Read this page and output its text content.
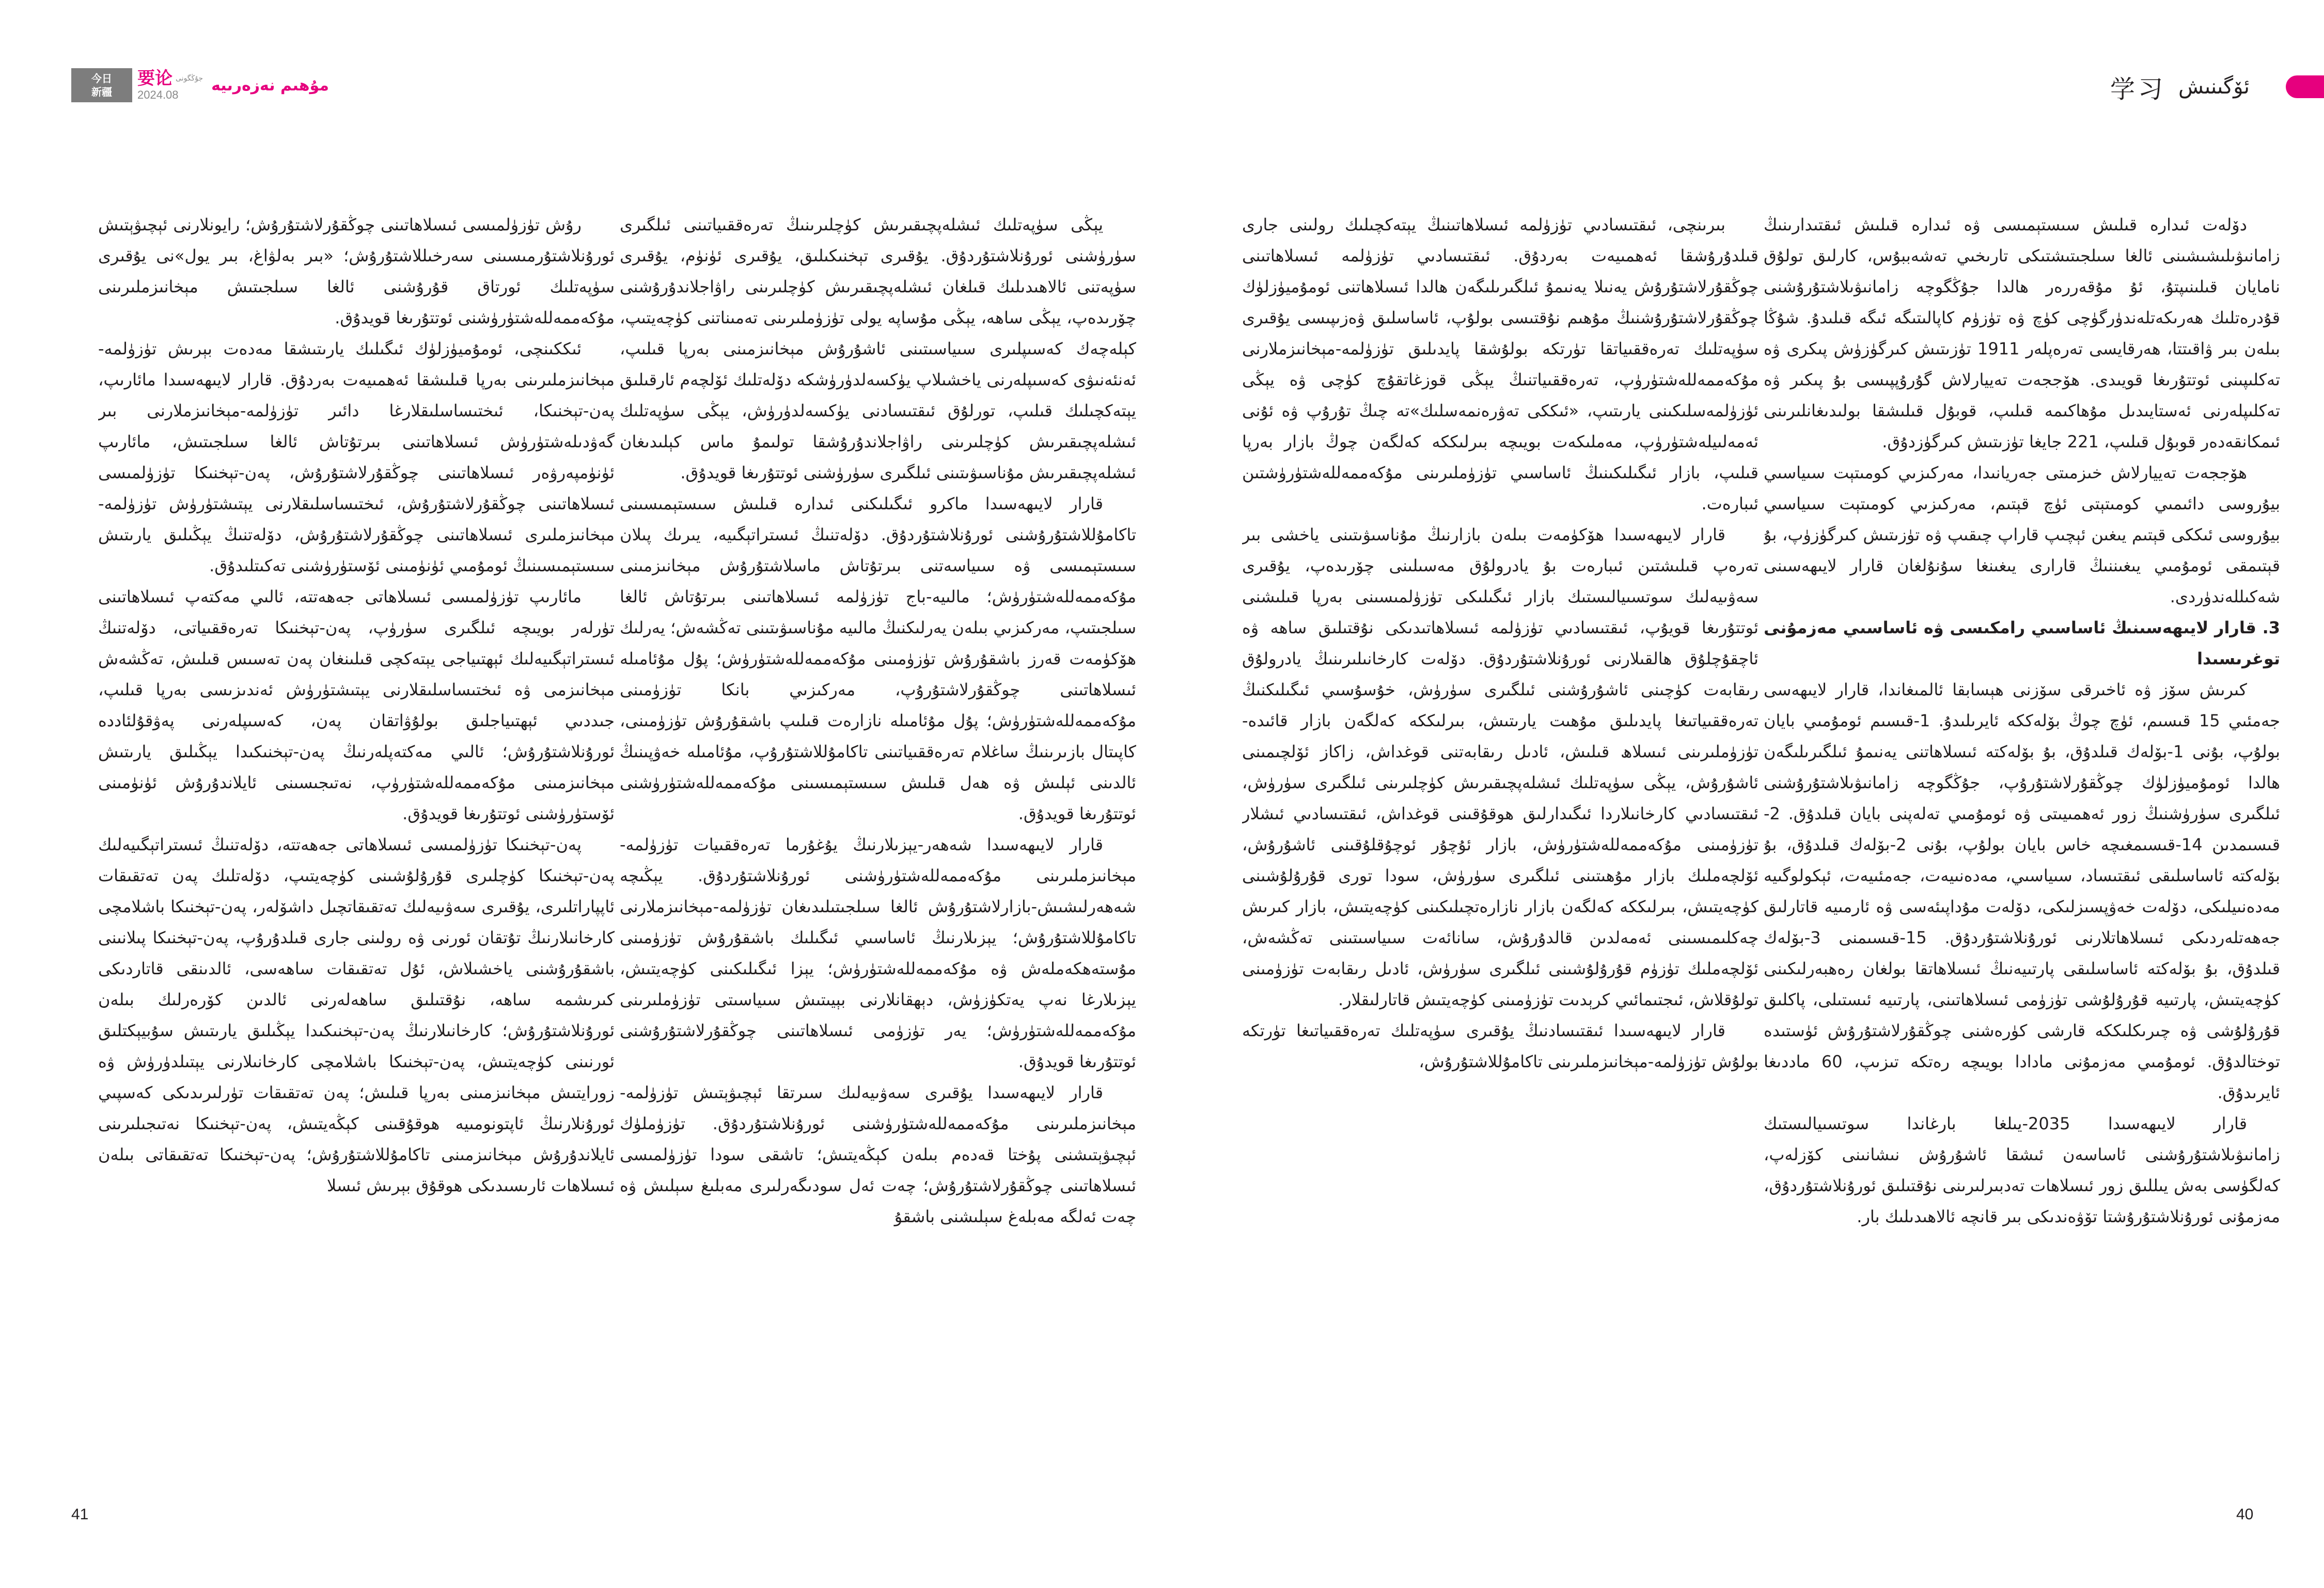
今日
新疆
要论 جۇڭگونى
2024.08
مۇھىم نەزەرىيە	学习 ئۆگىنىش

دۆلەت ئىدارە قىلىش سىستېمىسى ۋە ئىدارە قىلىش ئىقتىدارىنىڭ زامانىۋىلىشىشىنى ئالغا سىلجىتىشتىكى تارىخىي تەشەببۇس، كارلىق تولۇق نامايان قىلىنىپتۇ، ئۇ مۇقەررەر ھالدا جۇڭگوچە زامانىۋىلاشتۇرۇشنى قۇدرەتلىك ھەرىكەتلەندۈرگۈچى كۈچ ۋە تۈزۈم كاپالىتىگە ئىگە قىلىدۇ. شۇڭا بىلەن بىر ۋاقىتتا، ھەرقايسى تەرەپلەر 1911 تۈزىتىش كىرگۈزۈش پىكرى ۋە تەكلىپىنى ئوتتۇرىغا قويىدى. ھۆججەت تەييارلاش گۇرۇپپىسى بۇ پىكىر ۋە تەكلىپلەرنى ئەستايىدىل مۇھاكىمە قىلىپ، قوبۇل قىلىشقا بولىدىغانلىرىنى ئىمكانقەدەر قوبۇل قىلىپ، 221 جايغا تۈزىتىش كىرگۈزدۇق.

ھۆججەت تەييارلاش خىزمىتى جەريانىدا، مەركىزىي كومىتېت سىياسىي بيۇروسى دائىمىي كومىتېتى ئۈچ قېتىم، مەركىزىي كومىتېت سىياسىي بيۇروسى ئىككى قېتىم يىغىن ئېچىپ قاراپ چىقىپ ۋە تۈزىتىش كىرگۈزۈپ، بۇ قېتىمقى ئومۇمىي يىغىننىڭ قارارى يىغىنغا سۇنۇلغان قارار لايىھەسىنى شەكىللەندۈردى.

3. قارار لايىھەسىنىڭ ئاساسىي رامكىسى ۋە ئاساسىي مەزمۇنى توغرىسىدا

كىرىش سۆز ۋە ئاخىرقى سۆزنى ھېسابقا ئالمىغاندا، قارار لايىھەسى جەمئىي 15 قىسىم، ئۈچ چوڭ بۆلەككە ئايرىلىدۇ. 1-قىسىم ئومۇمىي بايان بولۇپ، بۇنى 1-بۆلەك قىلدۇق، بۇ بۆلەكتە ئىسلاھاتنى يەنىمۇ ئىلگىرىلىگەن ھالدا ئومۇميۈزلۈك چوڭقۇرلاشتۇرۇپ، جۇڭگوچە زامانىۋىلاشتۇرۇشنى ئىلگىرى سۈرۈشنىڭ زور ئەھمىيىتى ۋە ئومۇمىي تەلەپنى بايان قىلدۇق. 2-قىسىمدىن 14-قىسىمغىچە خاس بايان بولۇپ، بۇنى 2-بۆلەك قىلدۇق، بۇ بۆلەكتە ئاساسلىقى ئىقتىساد، سىياسىي، مەدەنىيەت، جەمئىيەت، ئېكولوگىيە مەدەنىيلىكى، دۆلەت خەۋپسىزلىكى، دۆلەت مۇداپىئەسى ۋە ئارمىيە قاتارلىق جەھەتلەردىكى ئىسلاھاتلارنى ئورۇنلاشتۇردۇق. 15-قىسىمنى 3-بۆلەك قىلدۇق، بۇ بۆلەكتە ئاساسلىقى پارتىيەنىڭ ئىسلاھاتقا بولغان رەھبەرلىكىنى كۈچەيتىش، پارتىيە قۇرۇلۇشى تۈزۈمى ئىسلاھاتىنى، پارتىيە ئىستىلى، پاكلىق قۇرۇلۇشى ۋە چىرىكلىككە قارشى كۈرەشنى چوڭقۇرلاشتۇرۇش ئۈستىدە توختالدۇق. ئومۇمىي مەزمۇنى مادادا بويىچە رەتكە تىزىپ، 60 ماددىغا ئايرىدۇق.

قارار لايىھەسىدا 2035-يىلغا بارغاندا سوتسىيالىستىك زامانىۋىلاشتۇرۇشنى ئاساسەن ئىشقا ئاشۇرۇش نىشانىنى كۆزلەپ، كەلگۈسى بەش يىللىق زور ئىسلاھات تەدبىرلىرىنى نۇقتىلىق ئورۇنلاشتۇردۇق، مەزمۇنى ئورۇنلاشتۇرۇشتا تۆۋەندىكى بىر قانچە ئالاھىدىلىك بار.

بىرىنچى، ئىقتىسادىي تۈزۈلمە ئىسلاھاتىنىڭ يېتەكچىلىك رولىنى جارى قىلدۇرۇشقا ئەھمىيەت بەردۇق. ئىقتىسادىي تۈزۈلمە ئىسلاھاتىنى چوڭقۇرلاشتۇرۇش يەنىلا يەنىمۇ ئىلگىرىلىگەن ھالدا ئىسلاھاتنى ئومۇميۈزلۈك چوڭقۇرلاشتۇرۇشنىڭ مۇھىم نۇقتىسى بولۇپ، ئاساسلىق ۋەزىپىسى يۇقىرى سۈپەتلىك تەرەققىياتقا تۈرتكە بولۇشقا پايدىلىق تۈزۈلمە-مېخانىزملارنى مۇكەممەللەشتۈرۈپ، تەرەققىياتنىڭ يېڭى قوزغاتقۇچ كۈچى ۋە يېڭى ئۈزۈلمەسلىكىنى يارىتىپ، «ئىككى تەۋرەنمەسلىك»تە چىڭ تۇرۇپ ۋە ئۇنى ئەمەلىيلەشتۈرۈپ، مەملىكەت بويىچە بىرلىككە كەلگەن چوڭ بازار بەرپا قىلىپ، بازار ئىگىلىكىنىڭ ئاساسىي تۈزۈملىرىنى مۇكەممەللەشتۈرۈشتىن ئىبارەت.

قارار لايىھەسىدا ھۆكۈمەت بىلەن بازارنىڭ مۇناسىۋىتىنى ياخشى بىر تەرەپ قىلىشتىن ئىبارەت بۇ يادرولۇق مەسىلىنى چۆرىدەپ، يۇقىرى سەۋىيەلىك سوتسىيالىستىك بازار ئىگىلىكى تۈزۈلمىسىنى بەرپا قىلىشنى ئوتتۇرىغا قويۇپ، ئىقتىسادىي تۈزۈلمە ئىسلاھاتىدىكى نۇقتىلىق ساھە ۋە ئاچقۇچلۇق ھالقىلارنى ئورۇنلاشتۇردۇق. دۆلەت كارخانىلىرىنىڭ يادرولۇق رىقابەت كۈچىنى ئاشۇرۇشنى ئىلگىرى سۈرۈش، خۇسۇسىي ئىگىلىكنىڭ تەرەققىياتىغا پايدىلىق مۇھىت يارىتىش، بىرلىككە كەلگەن بازار قائىدە-تۈزۈملىرىنى ئىسلاھ قىلىش، ئادىل رىقابەتنى قوغداش، زاكاز ئۆلچىمىنى ئاشۇرۇش، يېڭى سۈپەتلىك ئىشلەپچىقىرىش كۈچلىرىنى ئىلگىرى سۈرۈش، ئىقتىسادىي كارخانىلاردا ئىگىدارلىق ھوقۇقىنى قوغداش، ئىقتىسادىي ئىشلار تۈزۈمىنى مۇكەممەللەشتۈرۈش، بازار ئۇچۇر ئوچۇقلۇقىنى ئاشۇرۇش، ئۆلچەملىك بازار مۇھىتىنى ئىلگىرى سۈرۈش، سودا تورى قۇرۇلۇشىنى كۈچەيتىش، بىرلىككە كەلگەن بازار نازارەتچىلىكىنى كۈچەيتىش، بازار كىرىش چەكلىمىسىنى ئەمەلدىن قالدۇرۇش، سانائەت سىياسىتىنى تەڭشەش، ئۆلچەملىك تۈزۈم قۇرۇلۇشىنى ئىلگىرى سۈرۈش، ئادىل رىقابەت تۈزۈمىنى تولۇقلاش، ئىجتىمائىي كرېدىت تۈزۈمىنى كۈچەيتىش قاتارلىقلار.

قارار لايىھەسىدا ئىقتىسادنىڭ يۇقىرى سۈپەتلىك تەرەققىياتىغا تۈرتكە بولۇش تۈزۈلمە-مېخانىزملىرىنى تاكامۇللاشتۇرۇش،

يېڭى سۈپەتلىك ئىشلەپچىقىرىش كۈچلىرىنىڭ تەرەققىياتىنى ئىلگىرى سۈرۈشنى ئورۇنلاشتۇردۇق. يۇقىرى تېخنىكىلىق، يۇقىرى ئۈنۈم، يۇقىرى سۈپەتنى ئالاھىدىلىك قىلغان ئىشلەپچىقىرىش كۈچلىرىنى راۋاجلاندۇرۇشنى چۆرىدەپ، يېڭى ساھە، يېڭى مۇساپە يولى تۈزۈملىرىنى تەمىناتنى كۈچەيتىپ، كېلەچەك كەسىپلىرى سىياسىتىنى ئاشۇرۇش مېخانىزمىنى بەرپا قىلىپ، ئەنئەنىۋى كەسىپلەرنى ياخشىلاپ يۈكسەلدۈرۈشكە دۆلەتلىك ئۆلچەم ئارقىلىق يېتەكچىلىك قىلىپ، تورلۇق ئىقتىسادنى يۈكسەلدۈرۈش، يېڭى سۈپەتلىك ئىشلەپچىقىرىش كۈچلىرىنى راۋاجلاندۇرۇشقا تولىمۇ ماس كېلىدىغان ئىشلەپچىقىرىش مۇناسىۋىتىنى ئىلگىرى سۈرۈشنى ئوتتۇرىغا قويدۇق.

قارار لايىھەسىدا ماكرو ئىگىلىكنى ئىدارە قىلىش سىستېمىسىنى تاكامۇللاشتۇرۇشنى ئورۇنلاشتۇردۇق. دۆلەتنىڭ ئىستراتېگىيە، يىرىك پىلان سىستېمىسى ۋە سىياسەتنى بىرتۇتاش ماسلاشتۇرۇش مېخانىزمىنى مۇكەممەللەشتۈرۈش؛ مالىيە-باج تۈزۈلمە ئىسلاھاتىنى بىرتۇتاش ئالغا سىلجىتىپ، مەركىزىي بىلەن يەرلىكنىڭ مالىيە مۇناسىۋىتىنى تەڭشەش؛ يەرلىك ھۆكۈمەت قەرز باشقۇرۇش تۈزۈمىنى مۇكەممەللەشتۈرۈش؛ پۇل مۇئامىلە ئىسلاھاتىنى چوڭقۇرلاشتۇرۇپ، مەركىزىي بانكا تۈزۈمىنى مۇكەممەللەشتۈرۈش؛ پۇل مۇئامىلە نازارەت قىلىپ باشقۇرۇش تۈزۈمىنى، كاپىتال بازىرىنىڭ ساغلام تەرەققىياتىنى تاكامۇللاشتۇرۇپ، مۇئامىلە خەۋپىنىڭ ئالدىنى ئېلىش ۋە ھەل قىلىش سىستېمىسىنى مۇكەممەللەشتۈرۈشنى ئوتتۇرىغا قويدۇق.

قارار لايىھەسىدا شەھەر-يېزىلارنىڭ يۇغۇرما تەرەققىيات تۈزۈلمە-مېخانىزملىرىنى مۇكەممەللەشتۈرۈشنى ئورۇنلاشتۇردۇق. يېڭىچە شەھەرلىشىش-بازارلاشتۇرۇش ئالغا سىلجىتىلىدىغان تۈزۈلمە-مېخانىزملارنى تاكامۇللاشتۇرۇش؛ يېزىلارنىڭ ئاساسىي ئىگىلىك باشقۇرۇش تۈزۈمىنى مۇستەھكەملەش ۋە مۇكەممەللەشتۈرۈش؛ يېزا ئىگىلىكىنى كۈچەيتىش، يېزىلارغا نەپ يەتكۈزۈش، دېھقانلارنى بېيىتىش سىياسىتى تۈزۈملىرىنى مۇكەممەللەشتۈرۈش؛ يەر تۈزۈمى ئىسلاھاتىنى چوڭقۇرلاشتۇرۇشنى ئوتتۇرىغا قويدۇق.

قارار لايىھەسىدا يۇقىرى سەۋىيەلىك سىرتقا ئېچىۋېتىش تۈزۈلمە-مېخانىزملىرىنى مۇكەممەللەشتۈرۈشنى ئورۇنلاشتۇردۇق. تۈزۈملۈك ئېچىۋېتىشنى پۇختا قەدەم بىلەن كېڭەيتىش؛ تاشقى سودا تۈزۈلمىسى ئىسلاھاتىنى چوڭقۇرلاشتۇرۇش؛ چەت ئەل سودىگەرلىرى مەبلىغ سېلىش ۋە چەت ئەلگە مەبلەغ سېلىشنى باشقۇ

رۇش تۈزۈلمىسى ئىسلاھاتىنى چوڭقۇرلاشتۇرۇش؛ رايونلارنى ئېچىۋېتىش ئورۇنلاشتۇرمىسىنى سەرخىللاشتۇرۇش؛ «بىر بەلۋاغ، بىر يول»نى يۇقىرى سۈپەتلىك ئورتاق قۇرۇشنى ئالغا سىلجىتىش مېخانىزملىرىنى مۇكەممەللەشتۈرۈشنى ئوتتۇرىغا قويدۇق.

ئىككىنچى، ئومۇميۈزلۈك ئىگىلىك يارىتىشقا مەدەت بېرىش تۈزۈلمە-مېخانىزملىرىنى بەرپا قىلىشقا ئەھمىيەت بەردۇق. قارار لايىھەسىدا مائارىپ، پەن-تېخنىكا، ئىختىساسلىقلارغا دائىر تۈزۈلمە-مېخانىزملارنى بىر گەۋدىلەشتۈرۈش ئىسلاھاتىنى بىرتۇتاش ئالغا سىلجىتىش، مائارىپ ئۈنۈمپەرۋەر ئىسلاھاتىنى چوڭقۇرلاشتۇرۇش، پەن-تېخنىكا تۈزۈلمىسى ئىسلاھاتىنى چوڭقۇرلاشتۇرۇش، ئىختىساسلىقلارنى يېتىشتۈرۈش تۈزۈلمە-مېخانىزملىرى ئىسلاھاتىنى چوڭقۇرلاشتۇرۇش، دۆلەتنىڭ يېڭىلىق يارىتىش سىستېمىسىنىڭ ئومۇمىي ئۈنۈمىنى ئۆستۈرۈشنى تەكىتلىدۇق.

مائارىپ تۈزۈلمىسى ئىسلاھاتى جەھەتتە، ئالىي مەكتەپ ئىسلاھاتىنى تۈرلەر بويىچە ئىلگىرى سۈرۈپ، پەن-تېخنىكا تەرەققىياتى، دۆلەتنىڭ ئىستراتېگىيەلىك ئېھتىياجى يېتەكچى قىلىنغان پەن تەسىس قىلىش، تەڭشەش مېخانىزمى ۋە ئىختىساسلىقلارنى يېتىشتۈرۈش ئەندىزىسى بەرپا قىلىپ، جىددىي ئېھتىياجلىق بولۇۋاتقان پەن، كەسىپلەرنى پەۋقۇلئاددە ئورۇنلاشتۇرۇش؛ ئالىي مەكتەپلەرنىڭ پەن-تېخنىكىدا يېڭىلىق يارىتىش مېخانىزمىنى مۇكەممەللەشتۈرۈپ، نەتىجىسىنى ئايلاندۇرۇش ئۈنۈمىنى ئۆستۈرۈشنى ئوتتۇرىغا قويدۇق.

پەن-تېخنىكا تۈزۈلمىسى ئىسلاھاتى جەھەتتە، دۆلەتنىڭ ئىستراتېگىيەلىك پەن-تېخنىكا كۈچلىرى قۇرۇلۇشىنى كۈچەيتىپ، دۆلەتلىك پەن تەتقىقات ئاپپاراتلىرى، يۇقىرى سەۋىيەلىك تەتقىقاتچىل داشۆلەر، پەن-تېخنىكا باشلامچى كارخانىلارنىڭ تۇتقان ئورنى ۋە رولىنى جارى قىلدۇرۇپ، پەن-تېخنىكا پىلانىنى باشقۇرۇشنى ياخشىلاش، ئۇل تەتقىقات ساھەسى، ئالدىنقى قاتاردىكى كىرىشمە ساھە، نۇقتىلىق ساھەلەرنى ئالدىن كۆرەرلىك بىلەن ئورۇنلاشتۇرۇش؛ كارخانىلارنىڭ پەن-تېخنىكىدا يېڭىلىق يارىتىش سۇبيېكتلىق ئورنىنى كۈچەيتىش، پەن-تېخنىكا باشلامچى كارخانىلارنى يېتىلدۈرۈش ۋە زورايتىش مېخانىزمىنى بەرپا قىلىش؛ پەن تەتقىقات تۈرلىرىدىكى كەسپىي ئورۇنلارنىڭ ئاپتونومىيە ھوقۇقىنى كېڭەيتىش، پەن-تېخنىكا نەتىجىلىرىنى ئايلاندۇرۇش مېخانىزمىنى تاكامۇللاشتۇرۇش؛ پەن-تېخنىكا تەتقىقاتى بىلەن ئىسلاھات ئارىسىدىكى ھوقۇق بېرىش ئىسلا

41	40
